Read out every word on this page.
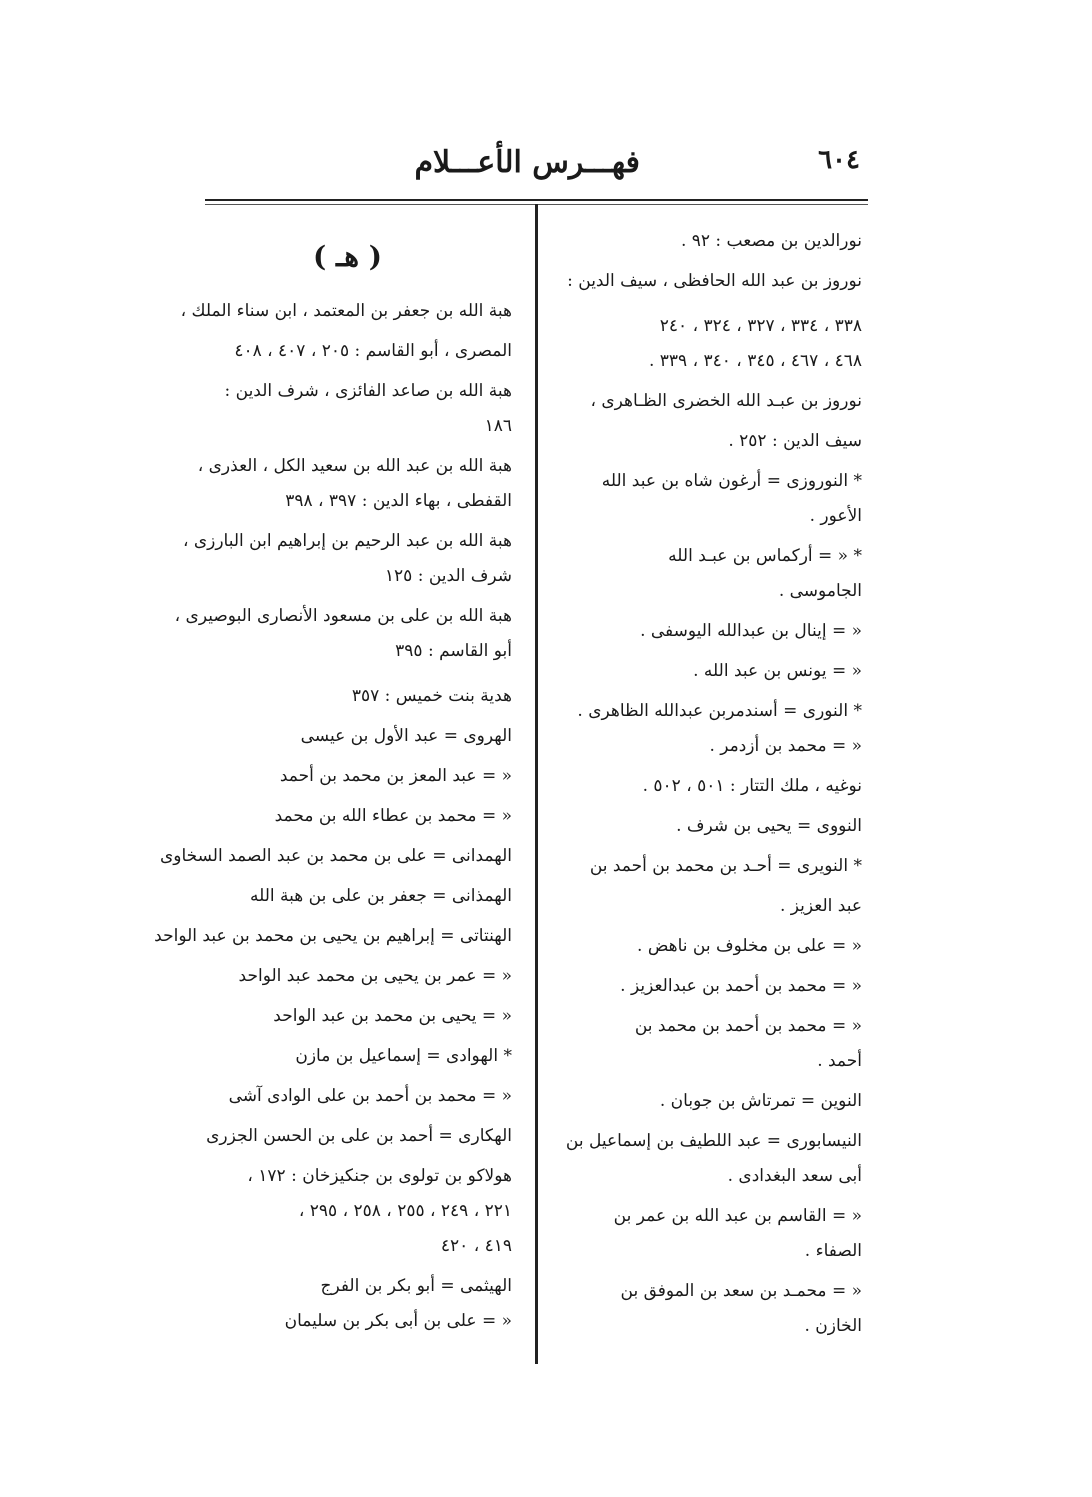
٦٠٤
فهـــرس الأعـــلام
نورالدين بن مصعب : ٩٢ .
نوروز بن عبد الله الحافظى ، سيف الدين :
٣٣٨ ، ٣٣٤ ، ٣٢٧ ، ٣٢٤ ، ٢٤٠
٤٦٨ ، ٤٦٧ ، ٣٤٥ ، ٣٤٠ ، ٣٣٩ .
نوروز بن عبـد الله الخضرى الظـاهرى ،
سيف الدين : ٢٥٢ .
* النوروزى = أرغون شاه بن عبد الله
الأعور .
* « = أركماس بن عبـد الله
الجاموسى .
« = إينال بن عبدالله اليوسفى .
« = يونس بن عبد الله .
* النورى = أسندمربن عبدالله الظاهرى .
« = محمد بن أزدمر .
نوغيه ، ملك التتار : ٥٠١ ، ٥٠٢ .
النووى = يحيى بن شرف .
* النويرى = أحـد بن محمد بن أحمد بن
عبد العزيز .
« = على بن مخلوف بن ناهض .
« = محمد بن أحمد بن عبدالعزيز .
« = محمد بن أحمد بن محمد بن
أحمد .
النوين = تمرتاش بن جوبان .
النيسابورى = عبد اللطيف بن إسماعيل بن
أبى سعد البغدادى .
« = القاسم بن عبد الله بن عمر بن
الصفاء .
« = محمـد بن سعد بن الموفق بن
الخازن .
( هـ )
هبة الله بن جعفر بن المعتمد ، ابن سناء الملك ،
المصرى ، أبو القاسم : ٢٠٥ ، ٤٠٧ ، ٤٠٨
هبة الله بن صاعد الفائزى ، شرف الدين :
١٨٦
هبة الله بن عبد الله بن سعيد الكل ، العذرى ،
القفطى ، بهاء الدين : ٣٩٧ ، ٣٩٨
هبة الله بن عبد الرحيم بن إبراهيم ابن البارزى ،
شرف الدين : ١٢٥
هبة الله بن على بن مسعود الأنصارى البوصيرى ،
أبو القاسم : ٣٩٥
هدية بنت خميس : ٣٥٧
الهروى = عبد الأول بن عيسى
« = عبد المعز بن محمد بن أحمد
« = محمد بن عطاء الله بن محمد
الهمدانى = على بن محمد بن عبد الصمد السخاوى
الهمذانى = جعفر بن على بن هبة الله
الهنتاتى = إبراهيم بن يحيى بن محمد بن عبد الواحد
« = عمر بن يحيى بن محمد عبد الواحد
« = يحيى بن محمد بن عبد الواحد
* الهوادى = إسماعيل بن مازن
« = محمد بن أحمد بن على الوادى آشى
الهكارى = أحمد بن على بن الحسن الجزرى
هولاكو بن تولوى بن جنكيزخان : ١٧٢ ،
٢٢١ ، ٢٤٩ ، ٢٥٥ ، ٢٥٨ ، ٢٩٥ ،
٤١٩ ، ٤٢٠
الهيثمى = أبو بكر بن الفرج
« = على بن أبى بكر بن سليمان
